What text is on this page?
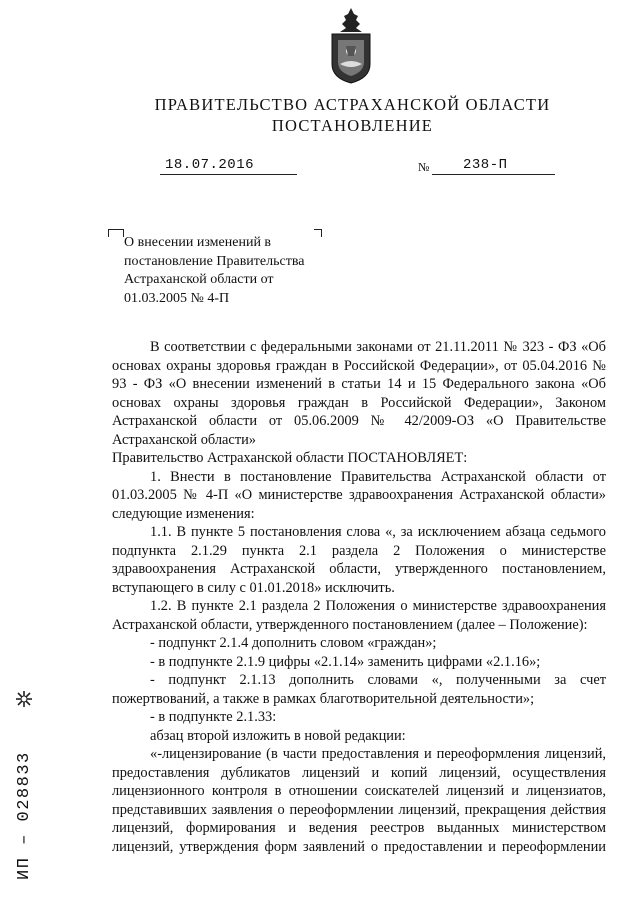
ПРАВИТЕЛЬСТВО АСТРАХАНСКОЙ ОБЛАСТИ
ПОСТАНОВЛЕНИЕ
18.07.2016	№ 238-П
О внесении изменений в постановление Правительства Астраханской области от 01.03.2005 № 4-П

В соответствии с федеральными законами от 21.11.2011 № 323 - ФЗ «Об основах охраны здоровья граждан в Российской Федерации», от 05.04.2016 № 93 - ФЗ «О внесении изменений в статьи 14 и 15 Федерального закона «Об основах охраны здоровья граждан в Российской Федерации», Законом Астраханской области от 05.06.2009 № 42/2009-ОЗ «О Правительстве Астраханской области»

Правительство Астраханской области ПОСТАНОВЛЯЕТ:

1. Внести в постановление Правительства Астраханской области от 01.03.2005 № 4-П «О министерстве здравоохранения Астраханской области» следующие изменения:

1.1. В пункте 5 постановления слова «, за исключением абзаца седьмого подпункта 2.1.29 пункта 2.1 раздела 2 Положения о министерстве здравоохранения Астраханской области, утвержденного постановлением, вступающего в силу с 01.01.2018» исключить.

1.2. В пункте 2.1 раздела 2 Положения о министерстве здравоохранения Астраханской области, утвержденного постановлением (далее – Положение):

- подпункт 2.1.4 дополнить словом «граждан»;

- в подпункте 2.1.9 цифры «2.1.14» заменить цифрами «2.1.16»;

- подпункт 2.1.13 дополнить словами «, полученными за счет пожертвований, а также в рамках благотворительной деятельности»;

- в подпункте 2.1.33:

абзац второй изложить в новой редакции:

«-лицензирование (в части предоставления и переоформления лицензий, предоставления дубликатов лицензий и копий лицензий, осуществления лицензионного контроля в отношении соискателей лицензий и лицензиатов, представивших заявления о переоформлении лицензий, прекращения действия лицензий, формирования и ведения реестров выданных министерством лицензий, утверждения форм заявлений о предоставлении и переоформлении

ИП – 028833
